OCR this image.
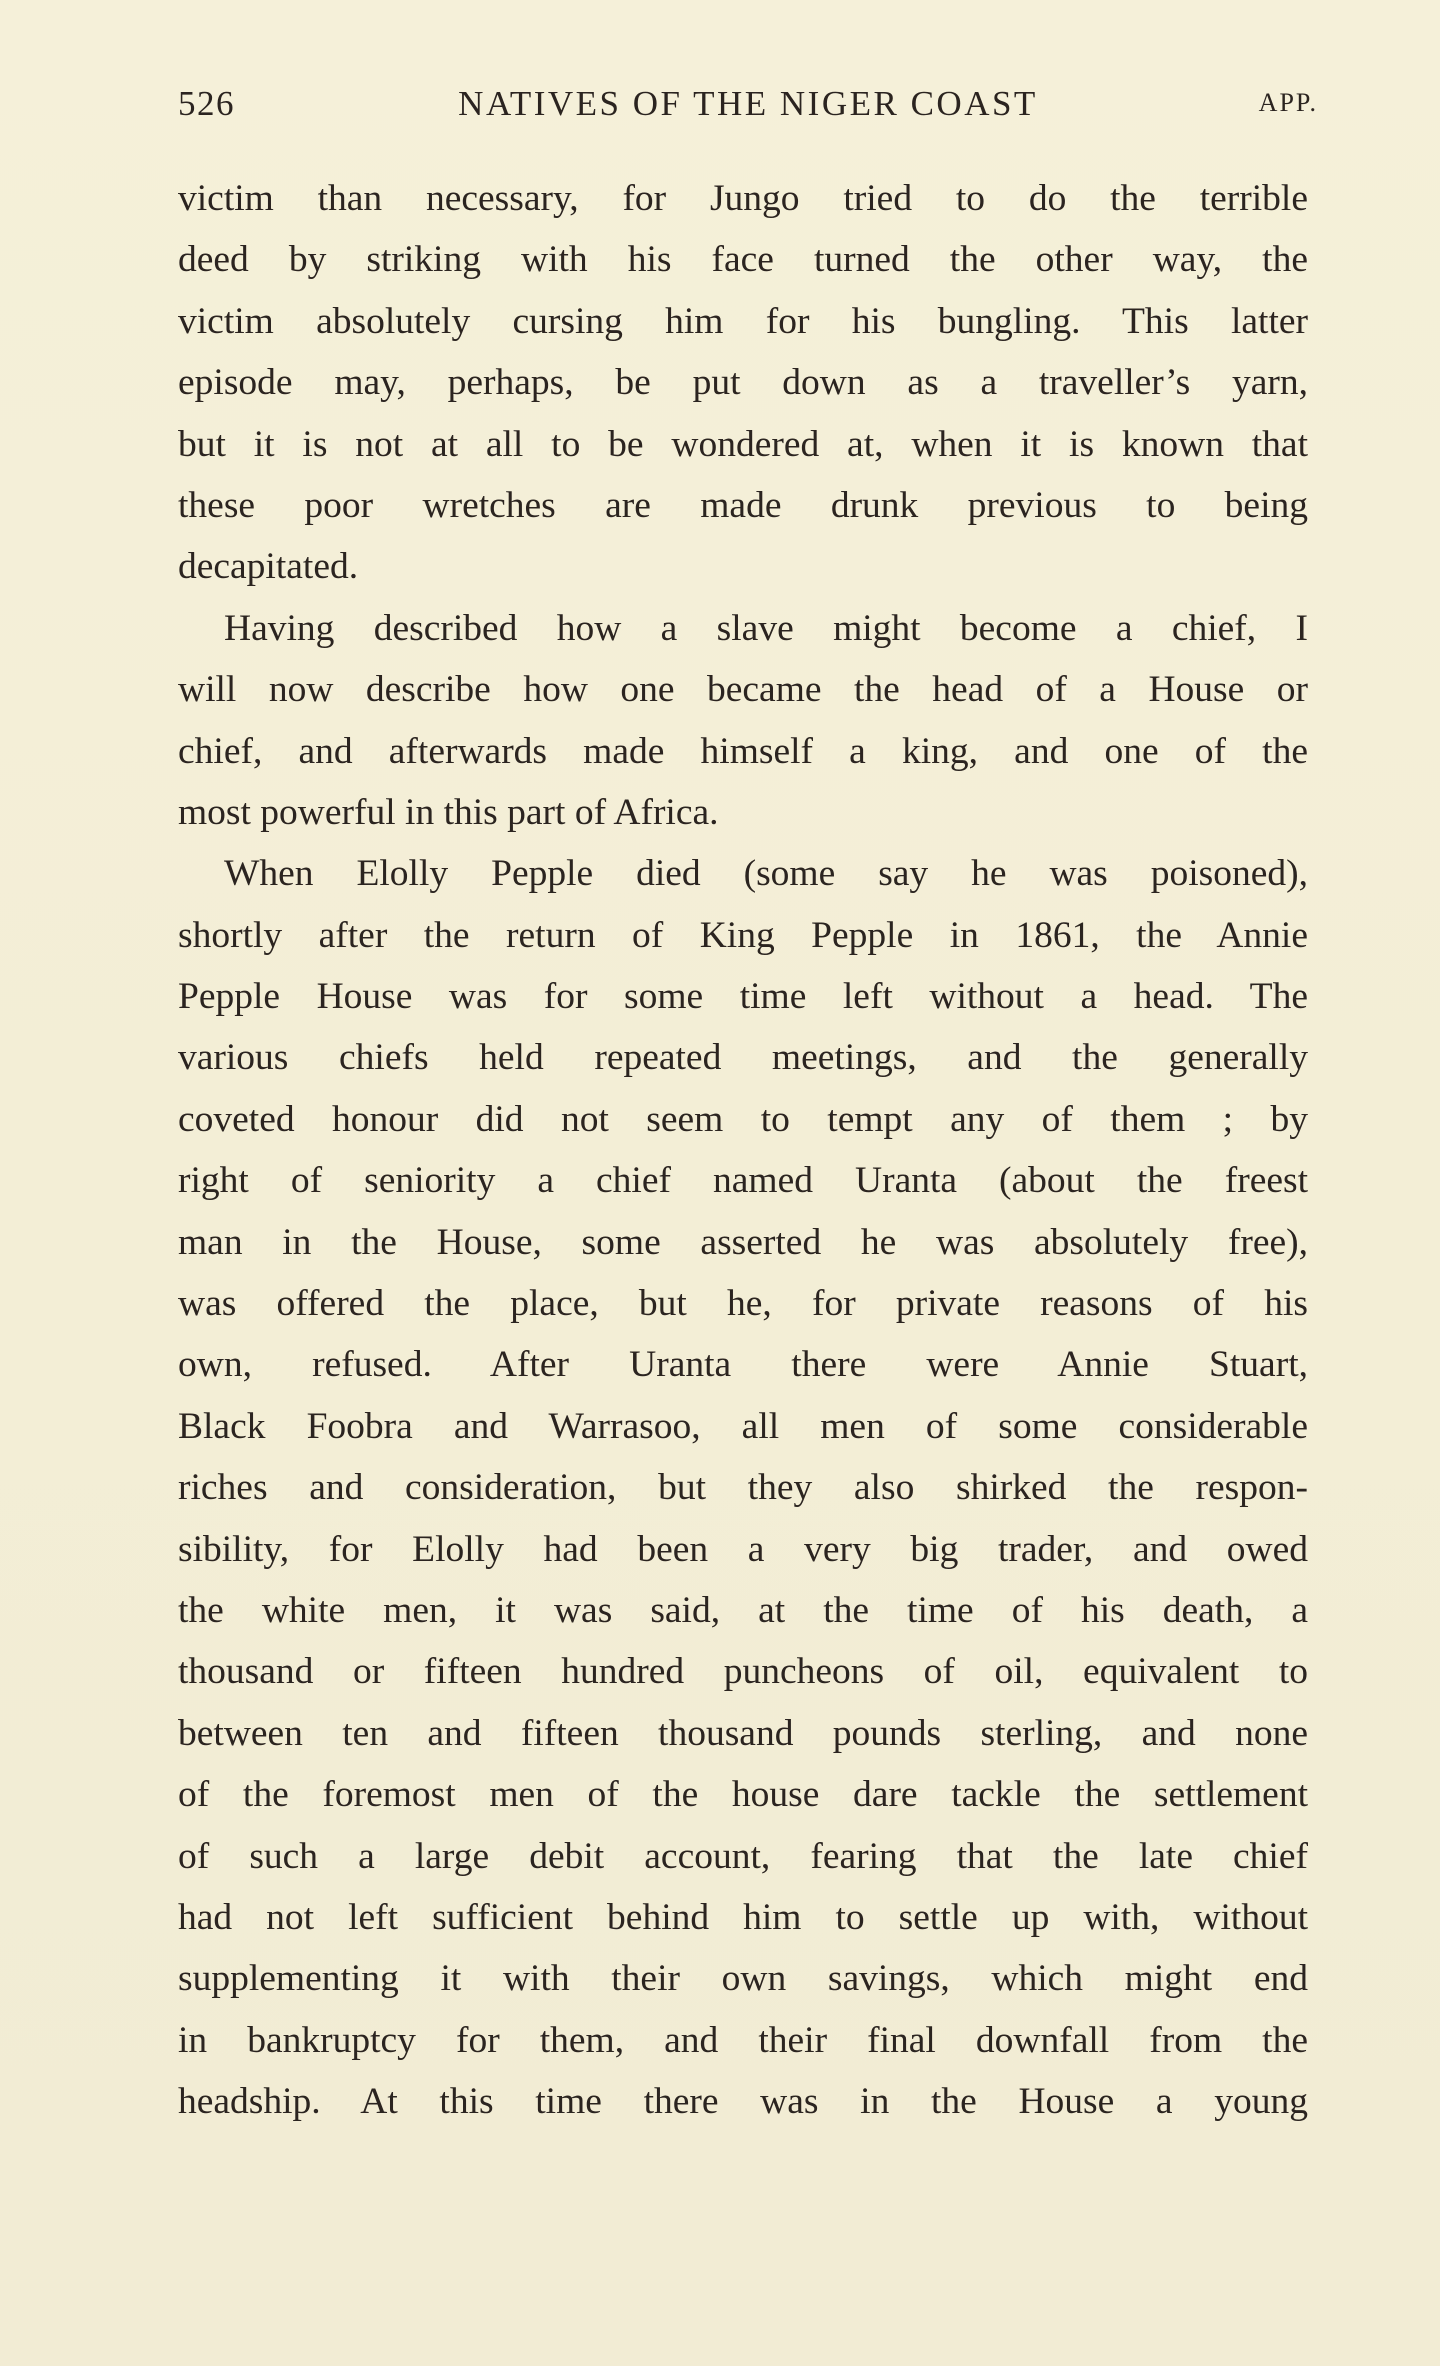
526	NATIVES OF THE NIGER COAST	APP.
victim than necessary, for Jungo tried to do the terrible
deed by striking with his face turned the other way, the
victim absolutely cursing him for his bungling. This latter
episode may, perhaps, be put down as a traveller’s yarn,
but it is not at all to be wondered at, when it is known that
these poor wretches are made drunk previous to being
decapitated.
Having described how a slave might become a chief, I
will now describe how one became the head of a House or
chief, and afterwards made himself a king, and one of the
most powerful in this part of Africa.
When Elolly Pepple died (some say he was poisoned),
shortly after the return of King Pepple in 1861, the Annie
Pepple House was for some time left without a head. The
various chiefs held repeated meetings, and the generally
coveted honour did not seem to tempt any of them ; by
right of seniority a chief named Uranta (about the freest
man in the House, some asserted he was absolutely free),
was offered the place, but he, for private reasons of his
own, refused. After Uranta there were Annie Stuart,
Black Foobra and Warrasoo, all men of some considerable
riches and consideration, but they also shirked the respon-
sibility, for Elolly had been a very big trader, and owed
the white men, it was said, at the time of his death, a
thousand or fifteen hundred puncheons of oil, equivalent to
between ten and fifteen thousand pounds sterling, and none
of the foremost men of the house dare tackle the settlement
of such a large debit account, fearing that the late chief
had not left sufficient behind him to settle up with, without
supplementing it with their own savings, which might end
in bankruptcy for them, and their final downfall from the
headship. At this time there was in the House a young
